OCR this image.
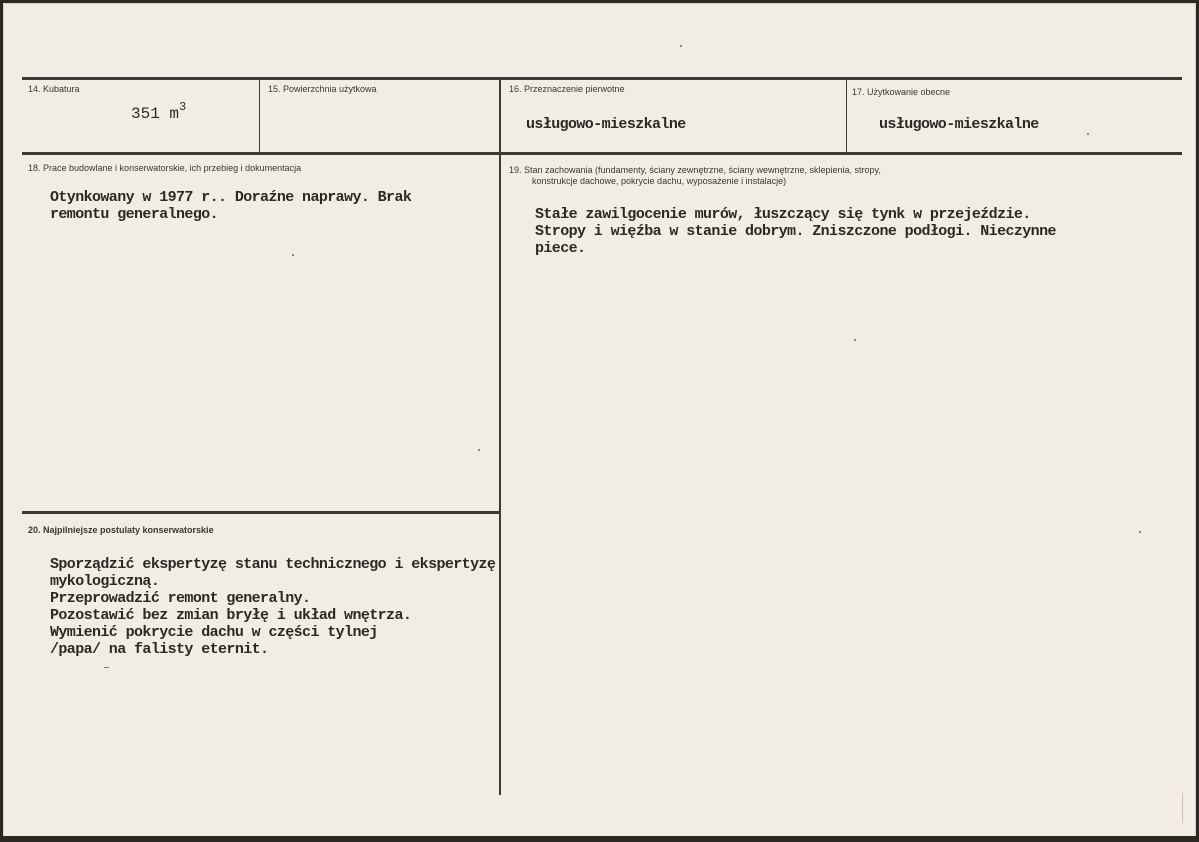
14. Kubatura
351 $m^3$
15. Powierzchnia użytkowa	16. Przeznaczenie pierwotne
usługowo-mieszkalne
17. Użytkowanie obecne
usługowo-mieszkalne
18. Prace budowlane i konserwatorskie, ich przebieg i dokumentacja
Otynkowany w 1977 r.. Doraźne naprawy. Brak
remontu generalnego.
19. Stan zachowania (fundamenty, ściany zewnętrzne, ściany wewnętrzne, sklepienia, stropy,
konstrukcje dachowe, pokrycie dachu, wyposażenie i instalacje)
Stałe zawilgocenie murów, łuszczący się tynk w przejeździe.
Stropy i więźba w stanie dobrym. Zniszczone podłogi. Nieczynne
piece.
20. Najpilniejsze postulaty konserwatorskie
Sporządzić ekspertyzę stanu technicznego i ekspertyzę
mykologiczną.
Przeprowadzić remont generalny.
Pozostawić bez zmian bryłę i układ wnętrza.
Wymienić pokrycie dachu w części tylnej
/papa/ na falisty eternit.
